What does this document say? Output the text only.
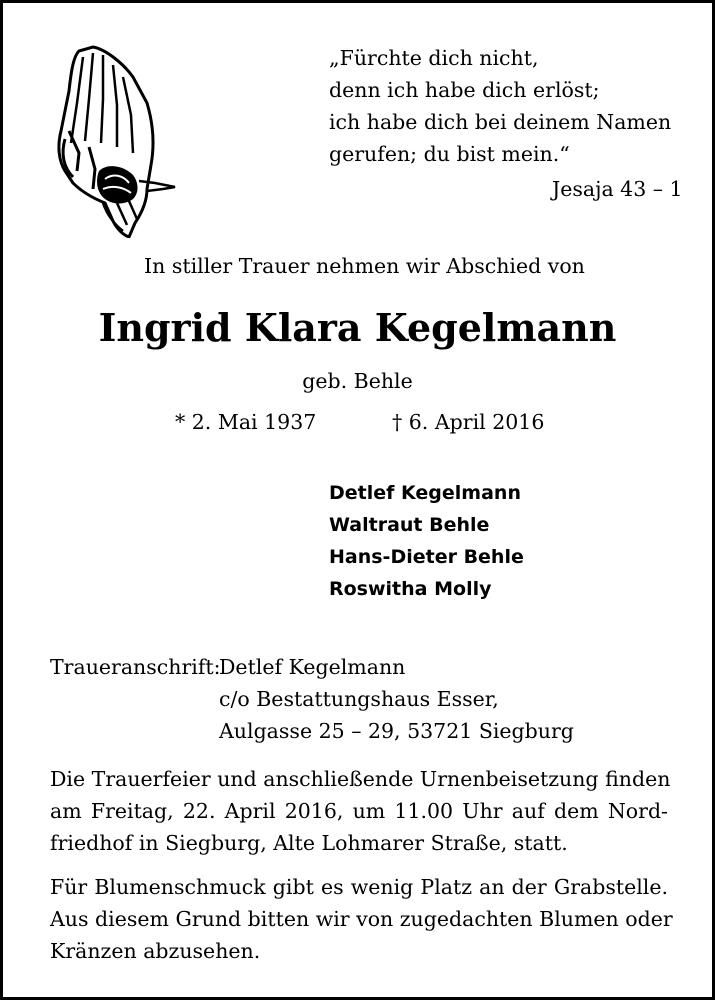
„Fürchte dich nicht,
denn ich habe dich erlöst;
ich habe dich bei deinem Namen
gerufen; du bist mein.“
Jesaja 43 – 1
In stiller Trauer nehmen wir Abschied von
Ingrid Klara Kegelmann
geb. Behle
* 2. Mai 1937	† 6. April 2016
Detlef Kegelmann
Waltraut Behle
Hans-Dieter Behle
Roswitha Molly
Traueranschrift:
Detlef Kegelmann
c/o Bestattungshaus Esser,
Aulgasse 25 – 29, 53721 Siegburg
Die Trauerfeier und anschließende Urnenbeisetzung finden
am Freitag, 22. April 2016, um 11.00 Uhr auf dem Nord-
friedhof in Siegburg, Alte Lohmarer Straße, statt.
Für Blumenschmuck gibt es wenig Platz an der Grabstelle.
Aus diesem Grund bitten wir von zugedachten Blumen oder
Kränzen abzusehen.
